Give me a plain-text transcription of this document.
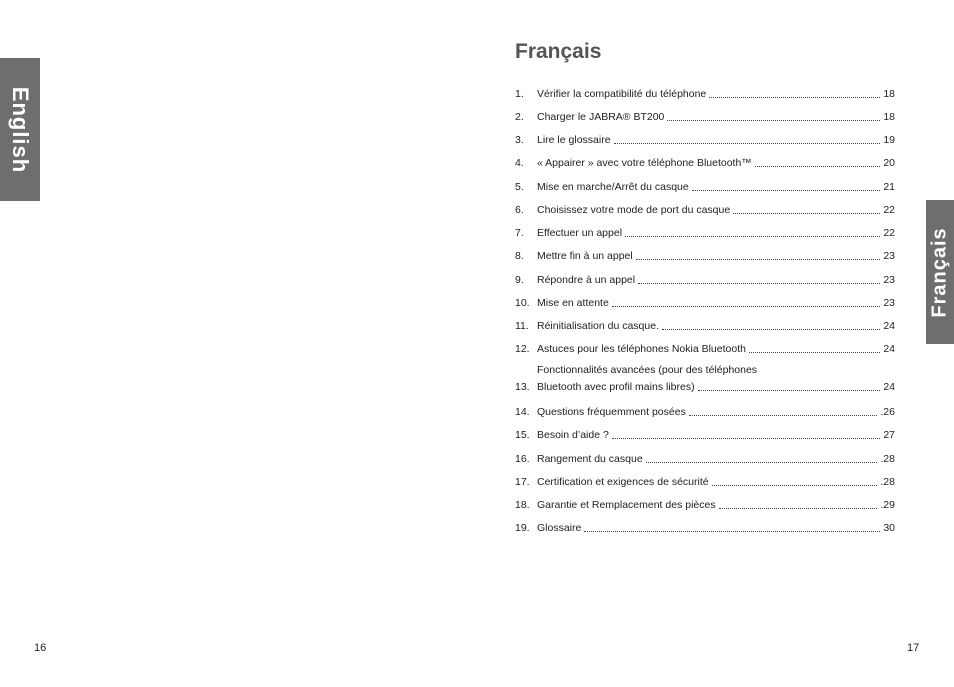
English
Français
Français
1.	Vérifier la compatibilité du téléphone	18
2.	Charger le JABRA® BT200	18
3.	Lire le glossaire	19
4.	« Appairer » avec votre téléphone Bluetooth™	20
5.	Mise en marche/Arrêt du casque	21
6.	Choisissez votre mode de port du casque	22
7.	Effectuer un appel	22
8.	Mettre fin à un appel	23
9.	Répondre à un appel	23
10. Mise en attente	23
11. Réinitialisation du casque.	24
12. Astuces pour les téléphones Nokia Bluetooth	24
13.
Fonctionnalités avancées (pour des téléphones
Bluetooth avec profil mains libres)	24
14. Questions fréquemment posées	.26
15. Besoin d’aide ?	27
16. Rangement du casque	.28
17. Certification et exigences de sécurité	.28
18. Garantie et Remplacement des pièces	.29
19. Glossaire	30
16	17
